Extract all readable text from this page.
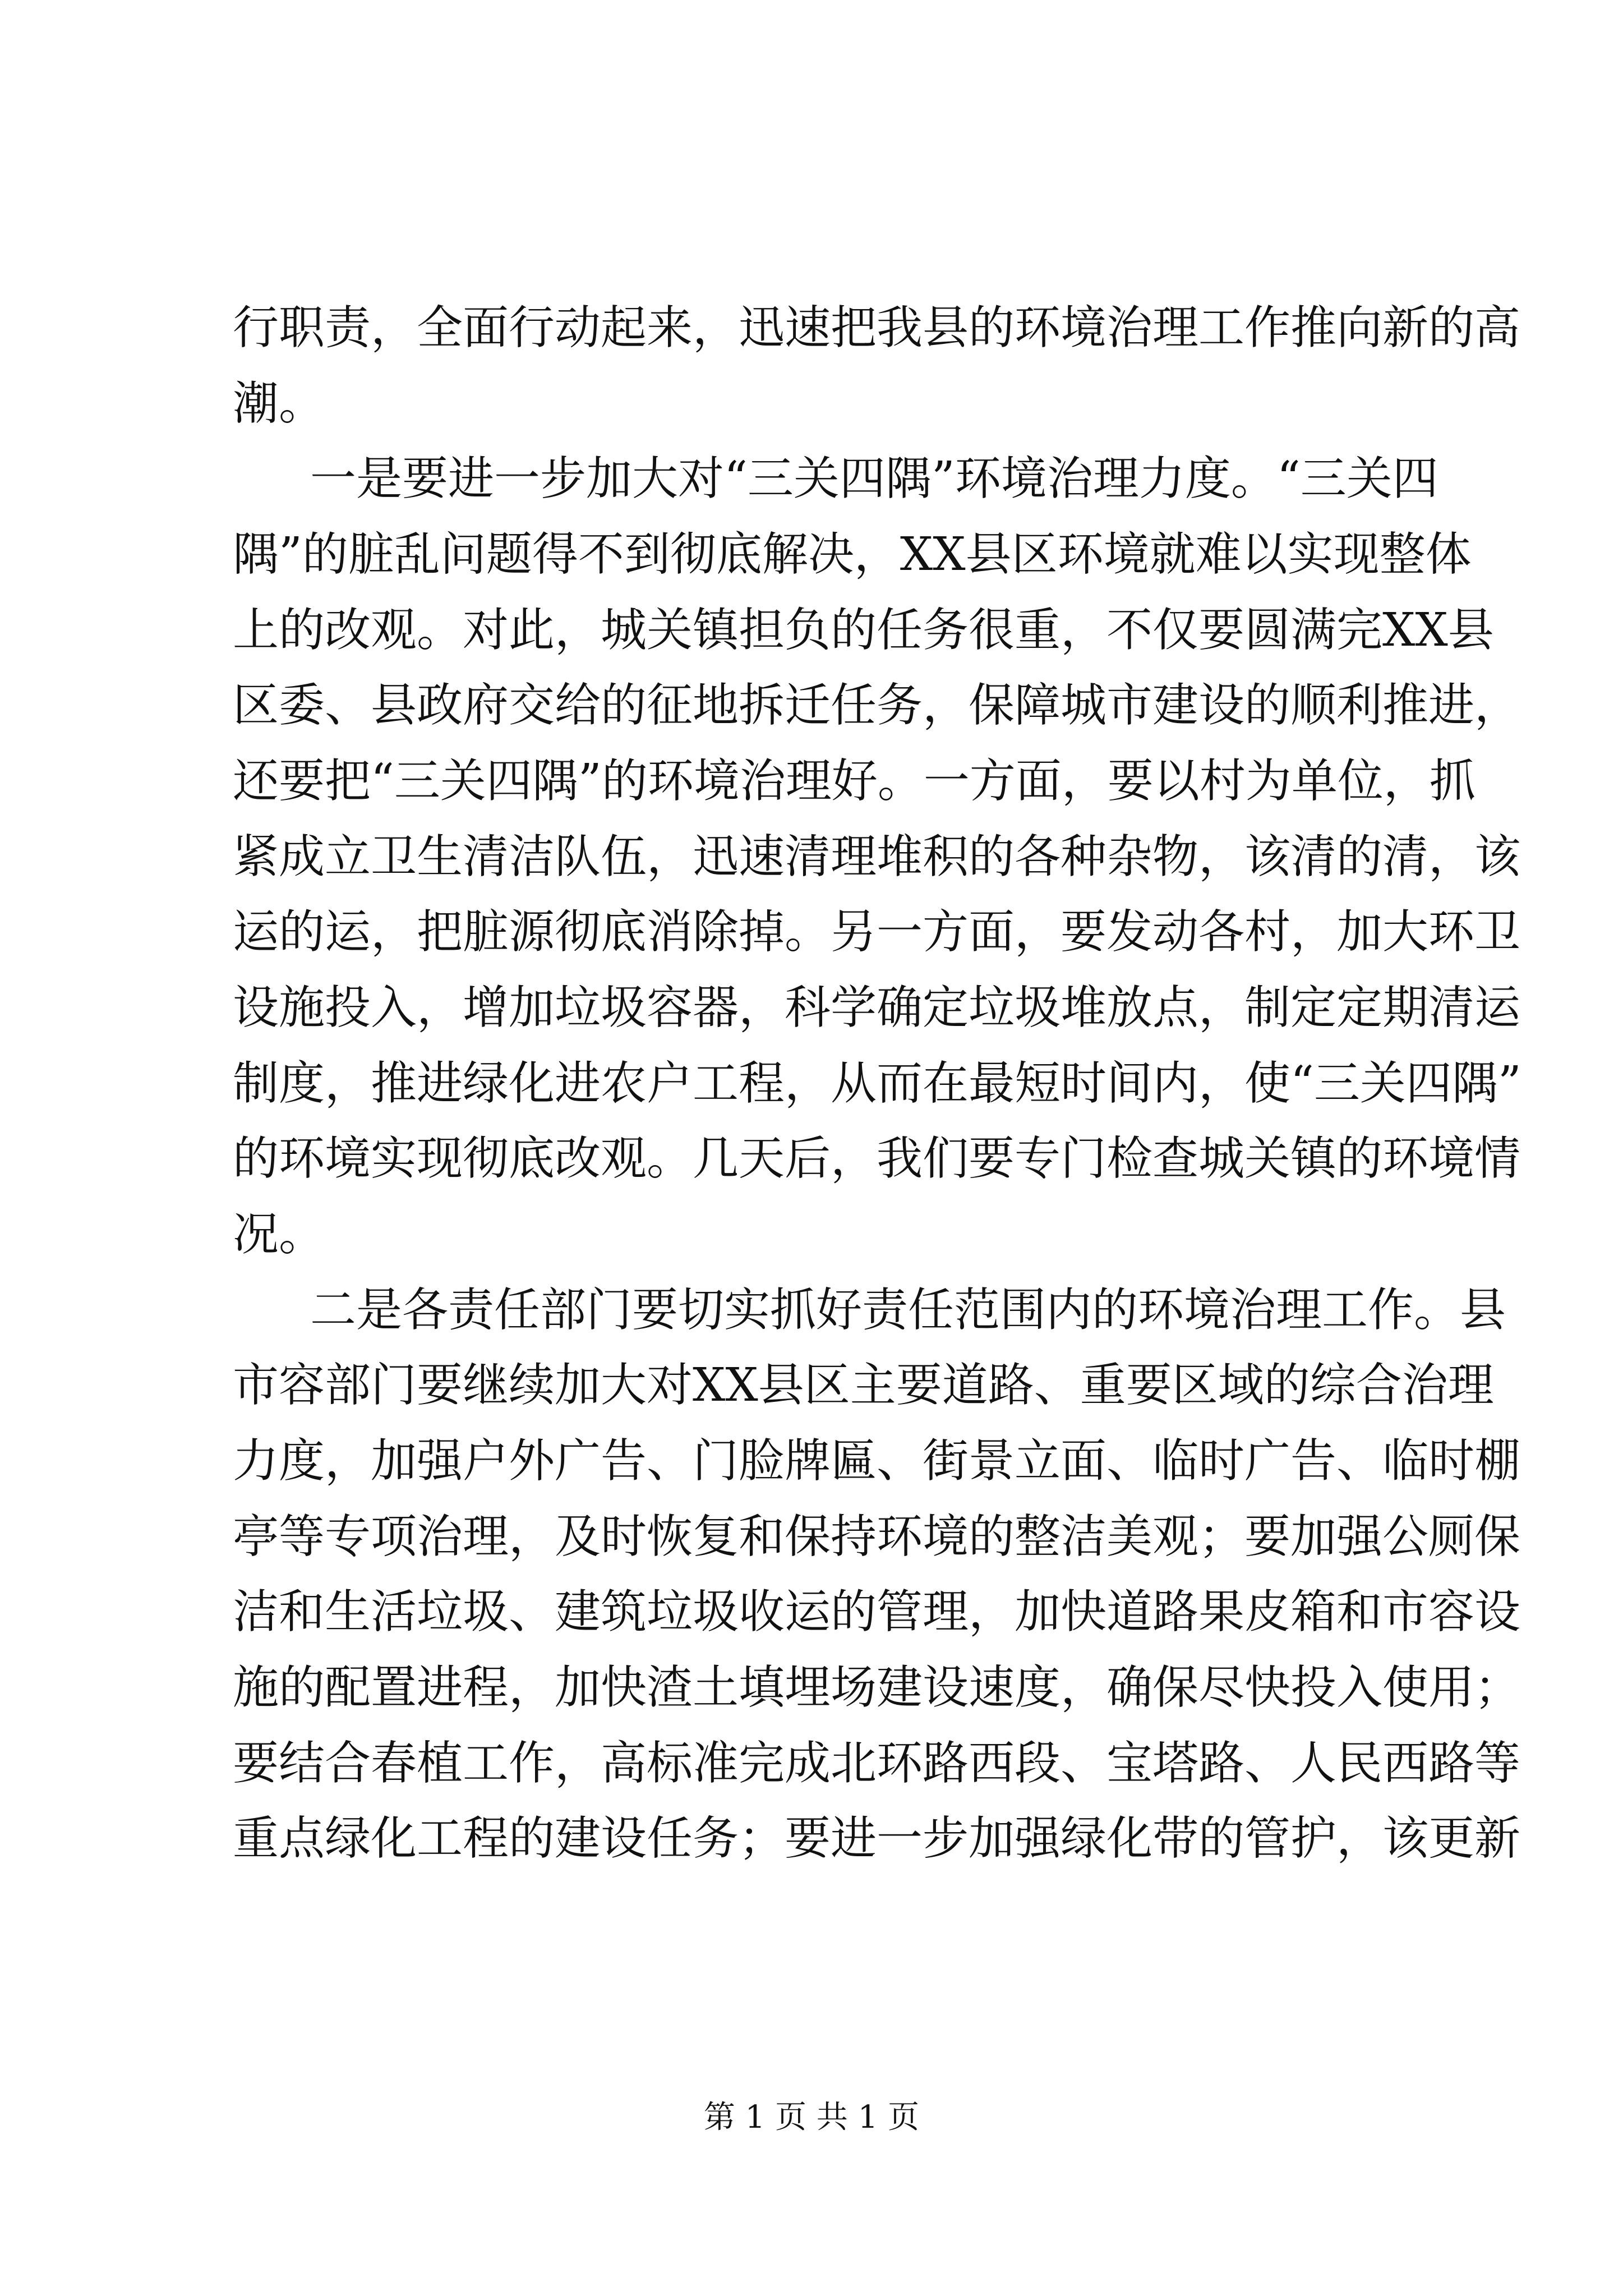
行职责，全面行动起来，迅速把我县的环境治理工作推向新的高
潮。
一是要进一步加大对“三关四隅”环境治理力度。“三关四
隅”的脏乱问题得不到彻底解决，XX县区环境就难以实现整体
上的改观。对此，城关镇担负的任务很重，不仅要圆满完XX县
区委、县政府交给的征地拆迁任务，保障城市建设的顺利推进，
还要把“三关四隅”的环境治理好。一方面，要以村为单位，抓
紧成立卫生清洁队伍，迅速清理堆积的各种杂物，该清的清，该
运的运，把脏源彻底消除掉。另一方面，要发动各村，加大环卫
设施投入，增加垃圾容器，科学确定垃圾堆放点，制定定期清运
制度，推进绿化进农户工程，从而在最短时间内，使“三关四隅”
的环境实现彻底改观。几天后，我们要专门检查城关镇的环境情
况。
二是各责任部门要切实抓好责任范围内的环境治理工作。县
市容部门要继续加大对XX县区主要道路、重要区域的综合治理
力度，加强户外广告、门脸牌匾、街景立面、临时广告、临时棚
亭等专项治理，及时恢复和保持环境的整洁美观；要加强公厕保
洁和生活垃圾、建筑垃圾收运的管理，加快道路果皮箱和市容设
施的配置进程，加快渣土填埋场建设速度，确保尽快投入使用；
要结合春植工作，高标准完成北环路西段、宝塔路、人民西路等
重点绿化工程的建设任务；要进一步加强绿化带的管护，该更新
第 1 页 共 1 页
